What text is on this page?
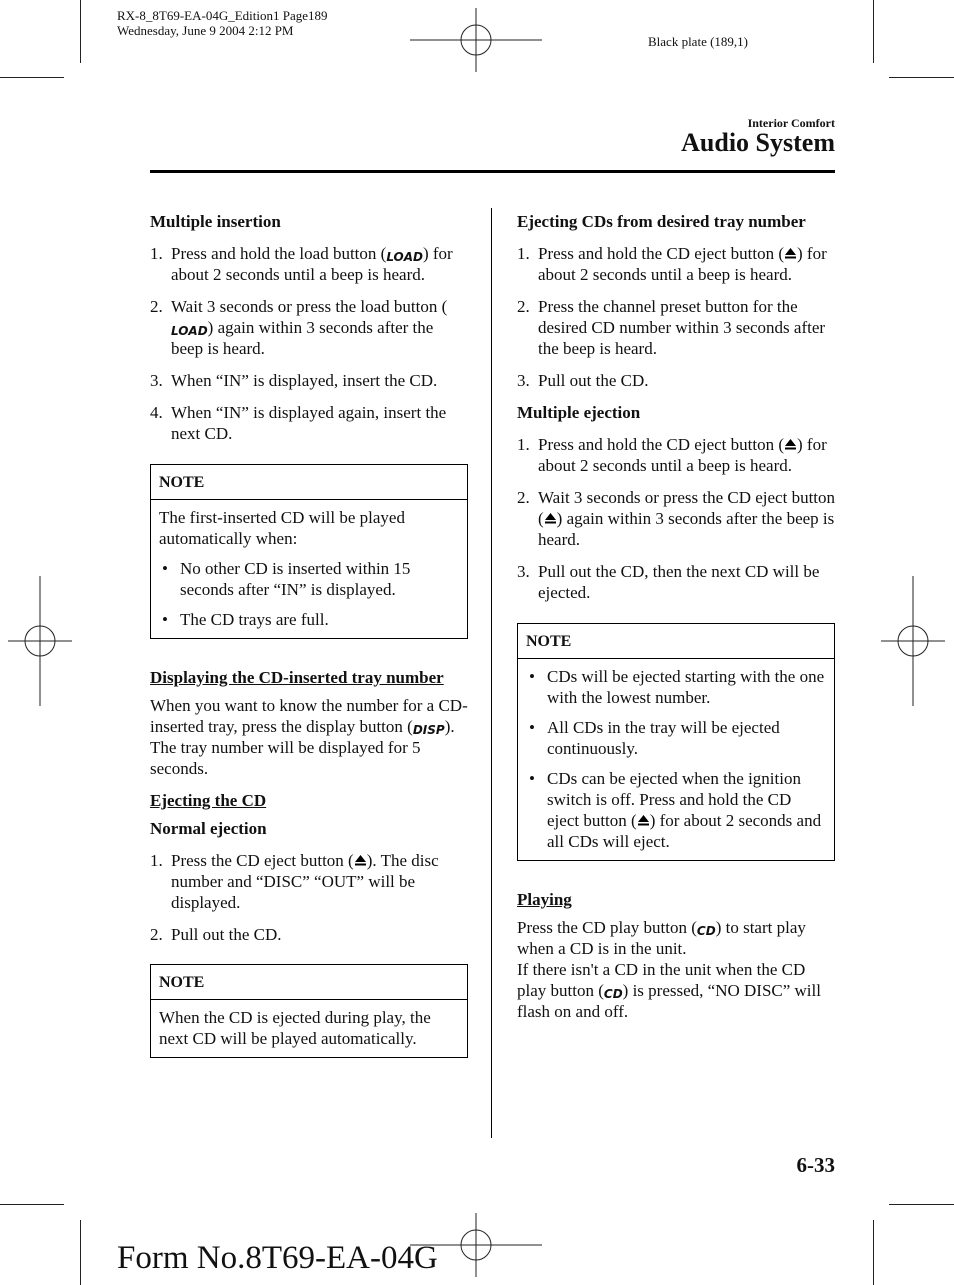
RX-8_8T69-EA-04G_Edition1 Page189
Wednesday, June 9 2004 2:12 PM
Black plate (189,1)
Interior Comfort
Audio System
Multiple insertion
1. Press and hold the load button (LOAD) for about 2 seconds until a beep is heard.
2. Wait 3 seconds or press the load button (LOAD) again within 3 seconds after the beep is heard.
3. When “IN” is displayed, insert the CD.
4. When “IN” is displayed again, insert the next CD.
NOTE
The first-inserted CD will be played automatically when:
• No other CD is inserted within 15 seconds after “IN” is displayed.
• The CD trays are full.
Displaying the CD-inserted tray number

When you want to know the number for a CD-inserted tray, press the display button (DISP). The tray number will be displayed for 5 seconds.

Ejecting the CD
Normal ejection
1. Press the CD eject button ( ). The disc number and “DISC” “OUT” will be displayed.
2. Pull out the CD.
NOTE
When the CD is ejected during play, the next CD will be played automatically.
Ejecting CDs from desired tray number
1. Press and hold the CD eject button ( ) for about 2 seconds until a beep is heard.
2. Press the channel preset button for the desired CD number within 3 seconds after the beep is heard.
3. Pull out the CD.
Multiple ejection
1. Press and hold the CD eject button ( ) for about 2 seconds until a beep is heard.
2. Wait 3 seconds or press the CD eject button ( ) again within 3 seconds after the beep is heard.
3. Pull out the CD, then the next CD will be ejected.
NOTE
• CDs will be ejected starting with the one with the lowest number.
• All CDs in the tray will be ejected continuously.
• CDs can be ejected when the ignition switch is off. Press and hold the CD eject button ( ) for about 2 seconds and all CDs will eject.
Playing
Press the CD play button (CD) to start play when a CD is in the unit.
If there isn't a CD in the unit when the CD play button (CD) is pressed, “NO DISC” will flash on and off.
6-33
Form No.8T69-EA-04G
